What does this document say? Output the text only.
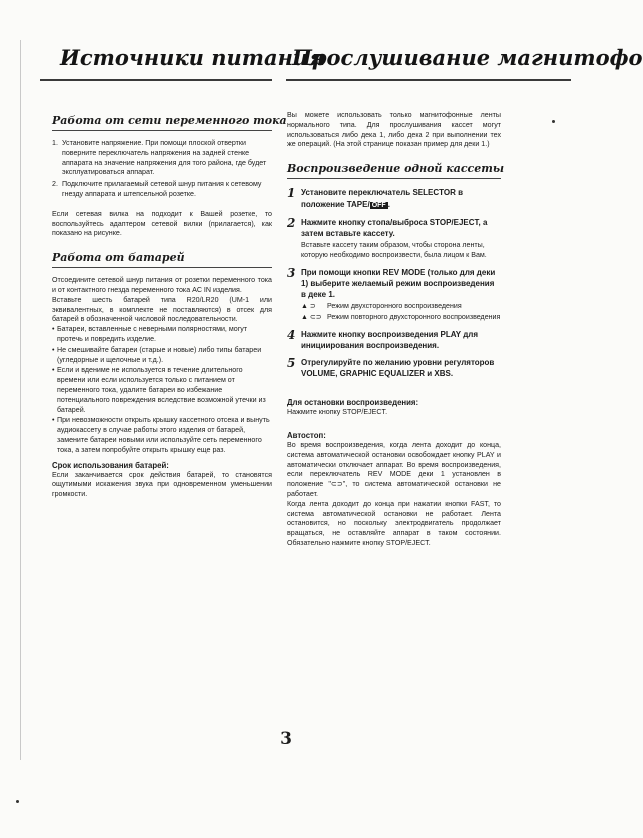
Источники питания
Прослушивание магнитофо
Работа от сети переменного тока
1. Установите напряжение. При помощи плоской отвертки поверните переключатель напряжения на задней стенке аппарата на значение напряжения для того района, где будет эксплуатироваться аппарат.
2. Подключите прилагаемый сетевой шнур питания к сетевому гнезду аппарата и штепсельной розетке.

Если сетевая вилка на подходит к Вашей розетке, то воспользуйтесь адаптером сетевой вилки (прилагается), как показано на рисунке.

Работа от батарей

Отсоедините сетевой шнур питания от розетки переменного тока и от контактного гнезда переменного тока AC IN изделия.

Вставьте шесть батарей типа R20/LR20 (UM-1 или эквивалентных, в комплекте не поставляются) в отсек для батарей в обозначенной числовой последовательности.

• Батареи, вставленные с неверными полярностями, могут протечь и повредить изделие.
• Не смешивайте батареи (старые и новые) либо типы батареи (угледорные и щелочные и т.д.).
• Если и вдениме не используется в течение длительного времени или если используется только с питанием от переменного тока, удалите батареи во избежание потенциального повреждения вследствие возможной утечки из батарей.
• При невозможности открыть крышку кассетного отсека и вынуть аудиокассету в случае работы этого изделия от батарей, замените батареи новыми или используйте сеть переменного тока, а затем попробуйте открыть крышку еще раз.
Срок использования батарей:

Если заканчивается срок действия батарей, то становятся ощутимыми искажения звука при одновременном уменьшении громкости.

Вы можете использовать только магнитофонные ленты нормального типа. Для прослушивания кассет могут использоваться либо дека 1, либо дека 2 при выполнении тех же операций. (На этой странице показан пример для деки 1.)

Воспроизведение одной кассеты
1 Установите переключатель SELECTOR в положение TAPE/ OFF .
2 Нажмите кнопку стопа/выброса STOP/EJECT, а затем вставьте кассету.
Вставьте кассету таким образом, чтобы сторона ленты, которую необходимо воспроизвести, была лицом к Вам.
3 При помощи кнопки REV MODE (только для деки 1) выберите желаемый режим воспроизведения в деке 1.
▲ ⊃	Режим двухсторонного воспроизведения
▲ ⊂⊃ Режим повторного двухсторонного воспроизведения
4 Нажмите кнопку воспроизведения PLAY для инициирования воспроизведения.
5 Отрегулируйте по желанию уровни регуляторов VOLUME, GRAPHIC EQUALIZER и XBS.
Для остановки воспроизведения:

Нажмите кнопку STOP/EJECT.

Автостоп:

Во время воспроизведения, когда лента доходит до конца, система автоматической остановки освобождает кнопку PLAY и автоматически отключает аппарат. Во время воспроизведения, если переключатель REV MODE деки 1 установлен в положение "⊂⊃", то система автоматической остановки не работает.

Когда лента доходит до конца при нажатии кнопки FAST, то система автоматической остановки не работает. Лента остановится, но поскольку электродвигатель продолжает вращаться, не оставляйте аппарат в таком состоянии. Обязательно нажмите кнопку STOP/EJECT.

3
